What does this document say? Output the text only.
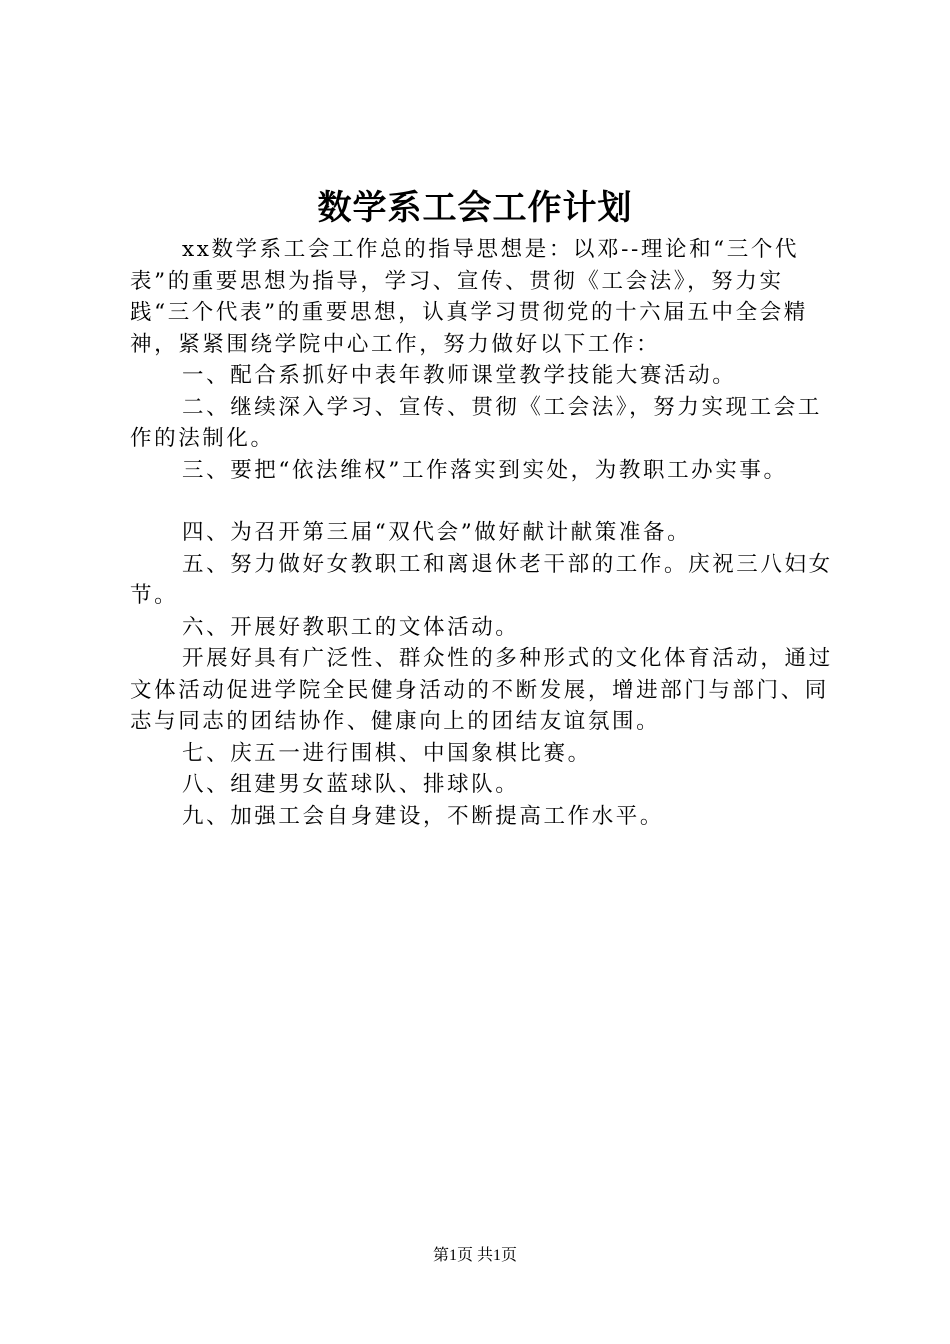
数学系工会工作计划

xx数学系工会工作总的指导思想是：以邓--理论和“三个代表”的重要思想为指导，学习、宣传、贯彻《工会法》，努力实践“三个代表”的重要思想，认真学习贯彻党的十六届五中全会精神，紧紧围绕学院中心工作，努力做好以下工作：

一、配合系抓好中表年教师课堂教学技能大赛活动。

二、继续深入学习、宣传、贯彻《工会法》，努力实现工会工作的法制化。

三、要把“依法维权”工作落实到实处，为教职工办实事。

四、为召开第三届“双代会”做好献计献策准备。

五、努力做好女教职工和离退休老干部的工作。庆祝三八妇女节。

六、开展好教职工的文体活动。

开展好具有广泛性、群众性的多种形式的文化体育活动，通过文体活动促进学院全民健身活动的不断发展，增进部门与部门、同志与同志的团结协作、健康向上的团结友谊氛围。

七、庆五一进行围棋、中国象棋比赛。

八、组建男女蓝球队、排球队。

九、加强工会自身建设，不断提高工作水平。

第1页 共1页
